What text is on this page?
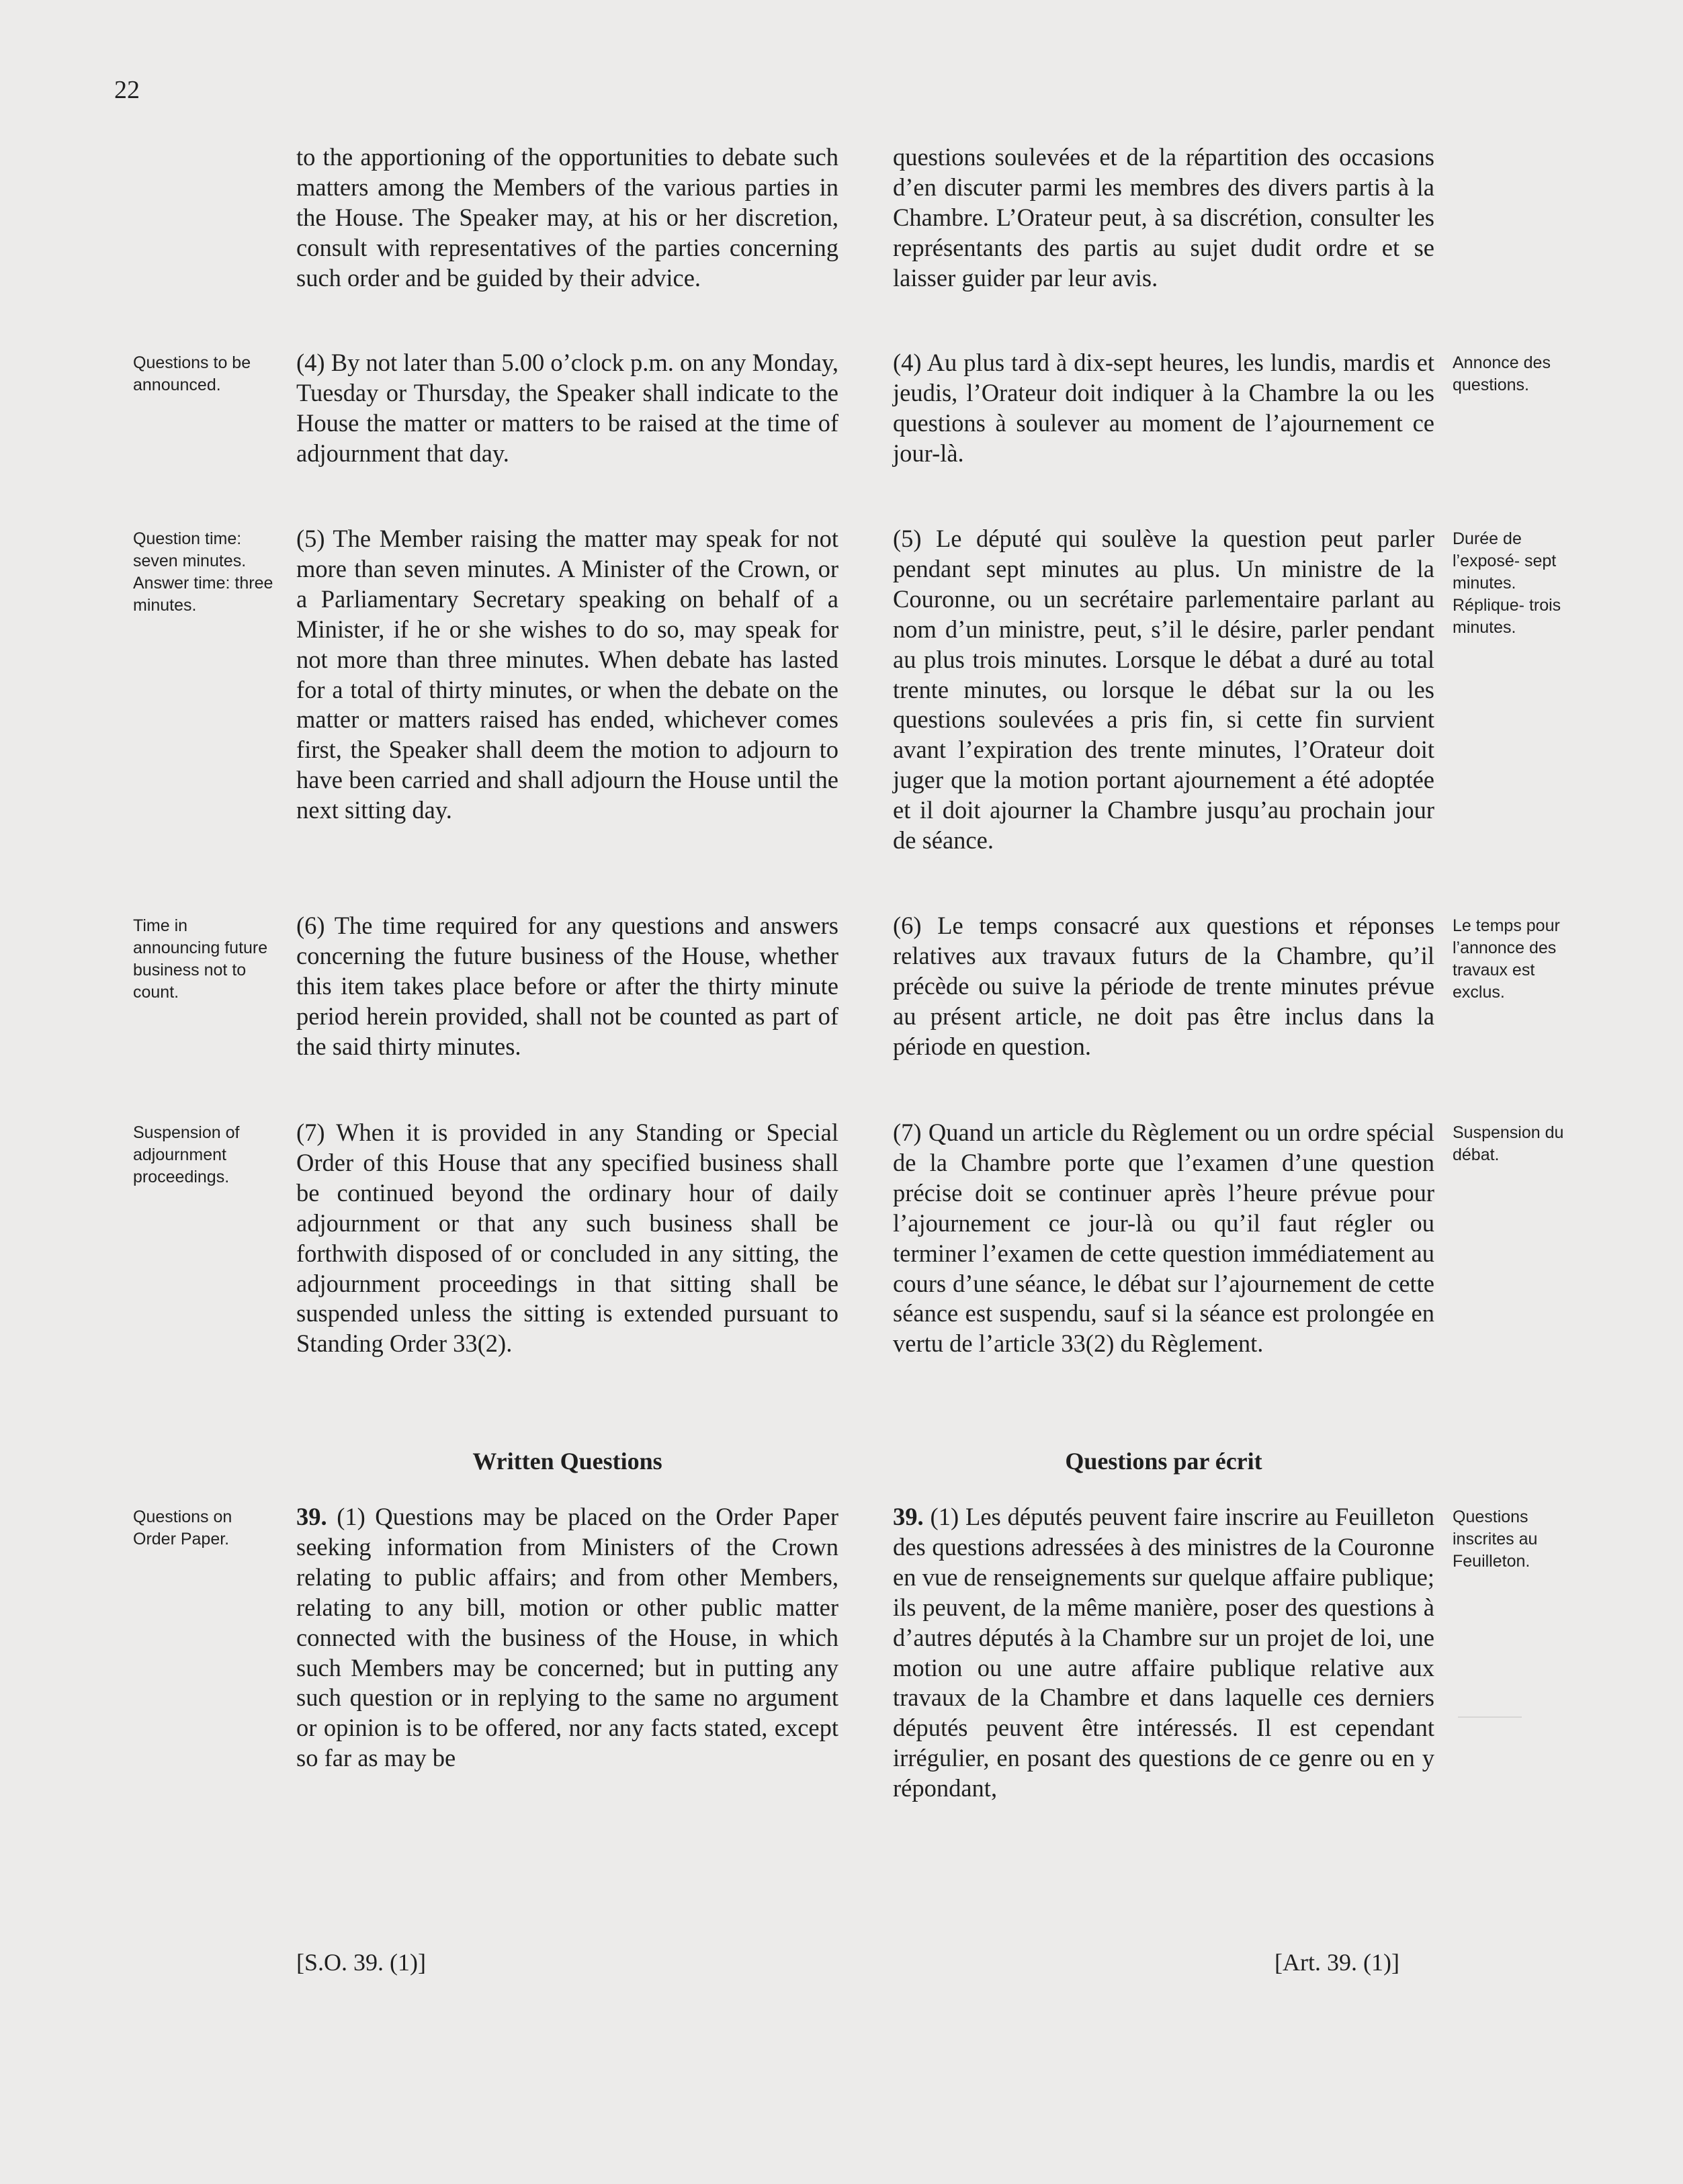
22

to the apportioning of the opportunities to debate such matters among the Members of the various parties in the House. The Speaker may, at his or her discretion, consult with representatives of the parties concerning such order and be guided by their advice.

questions soulevées et de la répartition des occasions d’en discuter parmi les membres des divers partis à la Chambre. L’Orateur peut, à sa discrétion, consulter les représentants des partis au sujet dudit ordre et se laisser guider par leur avis.

Questions to be announced.

(4) By not later than 5.00 o’clock p.m. on any Monday, Tuesday or Thursday, the Speaker shall indicate to the House the matter or matters to be raised at the time of adjournment that day.

(4) Au plus tard à dix-sept heures, les lundis, mardis et jeudis, l’Orateur doit indiquer à la Chambre la ou les questions à soulever au moment de l’ajournement ce jour-là.

Annonce des questions.

Question time: seven minutes. Answer time: three minutes.

(5) The Member raising the matter may speak for not more than seven minutes. A Minister of the Crown, or a Parliamentary Secretary speaking on behalf of a Minister, if he or she wishes to do so, may speak for not more than three minutes. When debate has lasted for a total of thirty minutes, or when the debate on the matter or matters raised has ended, whichever comes first, the Speaker shall deem the motion to adjourn to have been carried and shall adjourn the House until the next sitting day.

(5) Le député qui soulève la question peut parler pendant sept minutes au plus. Un ministre de la Couronne, ou un secrétaire parlementaire parlant au nom d’un ministre, peut, s’il le désire, parler pendant au plus trois minutes. Lorsque le débat a duré au total trente minutes, ou lorsque le débat sur la ou les questions soulevées a pris fin, si cette fin survient avant l’expiration des trente minutes, l’Orateur doit juger que la motion portant ajournement a été adoptée et il doit ajourner la Chambre jusqu’au prochain jour de séance.

Durée de l’exposé- sept minutes. Réplique- trois minutes.

Time in announcing future business not to count.

(6) The time required for any questions and answers concerning the future business of the House, whether this item takes place before or after the thirty minute period herein provided, shall not be counted as part of the said thirty minutes.

(6) Le temps consacré aux questions et réponses relatives aux travaux futurs de la Chambre, qu’il précède ou suive la période de trente minutes prévue au présent article, ne doit pas être inclus dans la période en question.

Le temps pour l’annonce des travaux est exclus.

Suspension of adjournment proceedings.

(7) When it is provided in any Standing or Special Order of this House that any specified business shall be continued beyond the ordinary hour of daily adjournment or that any such business shall be forthwith disposed of or concluded in any sitting, the adjournment proceedings in that sitting shall be suspended unless the sitting is extended pursuant to Standing Order 33(2).

(7) Quand un article du Règlement ou un ordre spécial de la Chambre porte que l’examen d’une question précise doit se continuer après l’heure prévue pour l’ajournement ce jour-là ou qu’il faut régler ou terminer l’examen de cette question immédiatement au cours d’une séance, le débat sur l’ajournement de cette séance est suspendu, sauf si la séance est prolongée en vertu de l’article 33(2) du Règlement.

Suspension du débat.

Written Questions	Questions par écrit

Questions on Order Paper.

39. (1) Questions may be placed on the Order Paper seeking information from Ministers of the Crown relating to public affairs; and from other Members, relating to any bill, motion or other public matter connected with the business of the House, in which such Members may be concerned; but in putting any such question or in replying to the same no argument or opinion is to be offered, nor any facts stated, except so far as may be

39. (1) Les députés peuvent faire inscrire au Feuilleton des questions adressées à des ministres de la Couronne en vue de renseignements sur quelque affaire publique; ils peuvent, de la même manière, poser des questions à d’autres députés à la Chambre sur un projet de loi, une motion ou une autre affaire publique relative aux travaux de la Chambre et dans laquelle ces derniers députés peuvent être intéressés. Il est cependant irrégulier, en posant des questions de ce genre ou en y répondant,

Questions inscrites au Feuilleton.

[S.O. 39. (1)]	[Art. 39. (1)]
